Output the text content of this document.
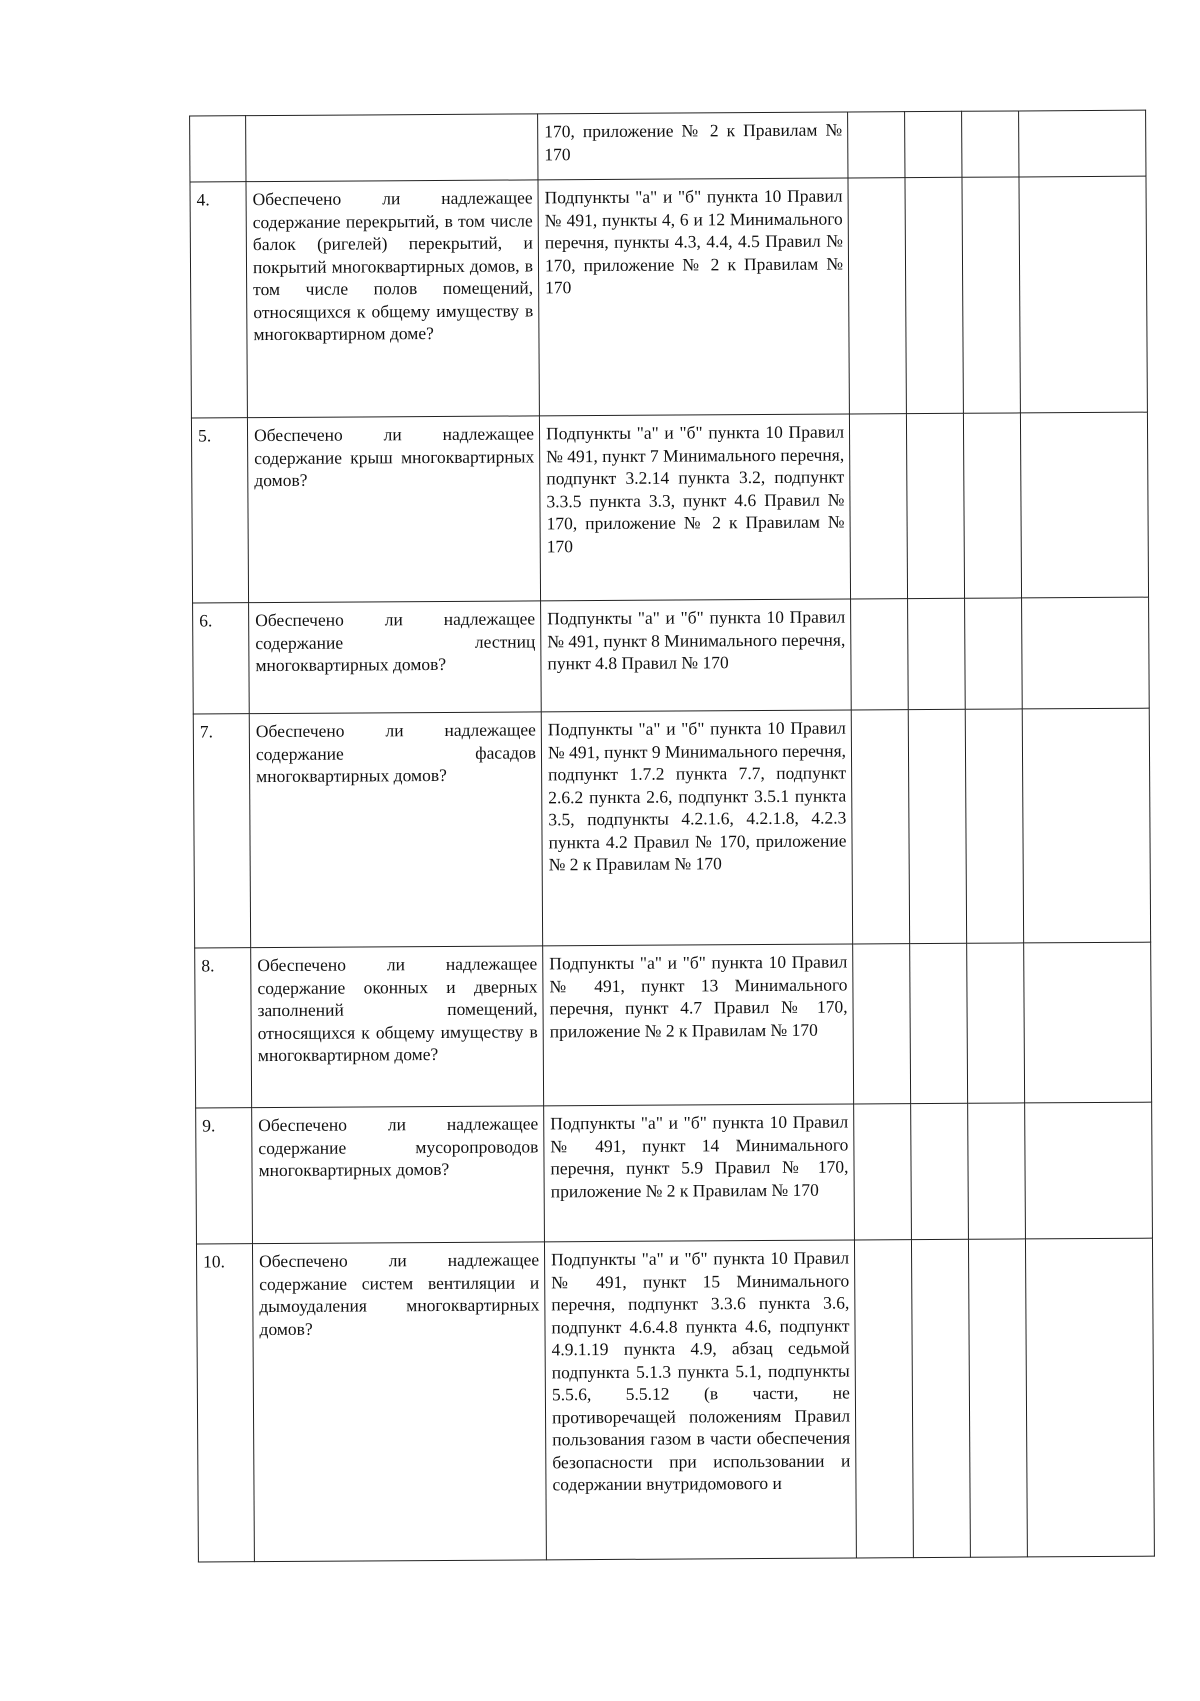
		170, приложение № 2 к Правилам № 170				
4.	Обеспечено ли надлежащее содержание перекрытий, в том числе балок (ригелей) перекрытий, и покрытий многоквартирных домов, в том числе полов помещений, относящихся к общему имуществу в многоквартирном доме?	Подпункты "а" и "б" пункта 10 Правил № 491, пункты 4, 6 и 12 Минимального перечня, пункты 4.3, 4.4, 4.5 Правил № 170, приложение № 2 к Правилам № 170				
5.	Обеспечено ли надлежащее содержание крыш многоквартирных домов?	Подпункты "а" и "б" пункта 10 Правил № 491, пункт 7 Минимального перечня, подпункт 3.2.14 пункта 3.2, подпункт 3.3.5 пункта 3.3, пункт 4.6 Правил № 170, приложение № 2 к Правилам № 170				
6.	Обеспечено ли надлежащее содержание лестниц многоквартирных домов?	Подпункты "а" и "б" пункта 10 Правил № 491, пункт 8 Минимального перечня, пункт 4.8 Правил № 170				
7.	Обеспечено ли надлежащее содержание фасадов многоквартирных домов?	Подпункты "а" и "б" пункта 10 Правил № 491, пункт 9 Минимального перечня, подпункт 1.7.2 пункта 7.7, подпункт 2.6.2 пункта 2.6, подпункт 3.5.1 пункта 3.5, подпункты 4.2.1.6, 4.2.1.8, 4.2.3 пункта 4.2 Правил № 170, приложение № 2 к Правилам № 170				
8.	Обеспечено ли надлежащее содержание оконных и дверных заполнений помещений, относящихся к общему имуществу в многоквартирном доме?	Подпункты "а" и "б" пункта 10 Правил № 491, пункт 13 Минимального перечня, пункт 4.7 Правил № 170, приложение № 2 к Правилам № 170				
9.	Обеспечено ли надлежащее содержание мусоропроводов многоквартирных домов?	Подпункты "а" и "б" пункта 10 Правил № 491, пункт 14 Минимального перечня, пункт 5.9 Правил № 170, приложение № 2 к Правилам № 170				
10.	Обеспечено ли надлежащее содержание систем вентиляции и дымоудаления многоквартирных домов?	Подпункты "а" и "б" пункта 10 Правил № 491, пункт 15 Минимального перечня, подпункт 3.3.6 пункта 3.6, подпункт 4.6.4.8 пункта 4.6, подпункт 4.9.1.19 пункта 4.9, абзац седьмой подпункта 5.1.3 пункта 5.1, подпункты 5.5.6, 5.5.12 (в части, не противоречащей положениям Правил пользования газом в части обеспечения безопасности при использовании и содержании внутридомового и				
